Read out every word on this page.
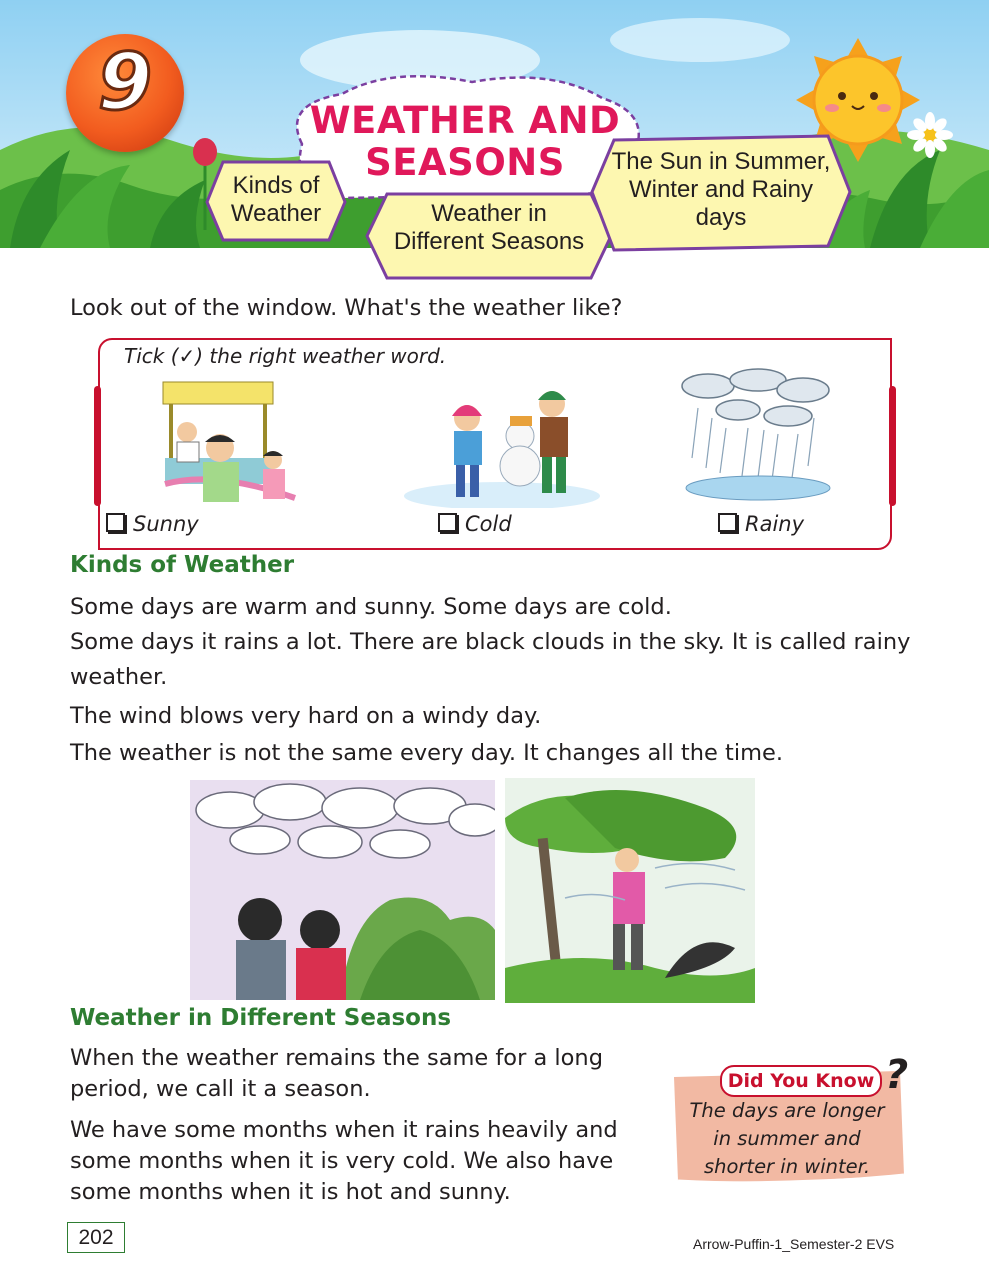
9	WEATHER AND
SEASONS
Kinds of
Weather	Weather in
Different Seasons
The Sun in Summer,
Winter and Rainy
days
Look out of the window. What's the weather like?
Tick (✓) the right weather word.
Sunny	Cold	Rainy
Kinds of Weather
Some days are warm and sunny. Some days are cold.
Some days it rains a lot. There are black clouds in the sky. It is called rainy
weather.
The wind blows very hard on a windy day.
The weather is not the same every day. It changes all the time.
Weather in Different Seasons
When the weather remains the same for a long
period, we call it a season.
We have some months when it rains heavily and
some months when it is very cold. We also have
some months when it is hot and sunny.
Did You Know ?
The days are longer
in summer and
shorter in winter.
202	Arrow-Puffin-1_Semester-2 EVS
